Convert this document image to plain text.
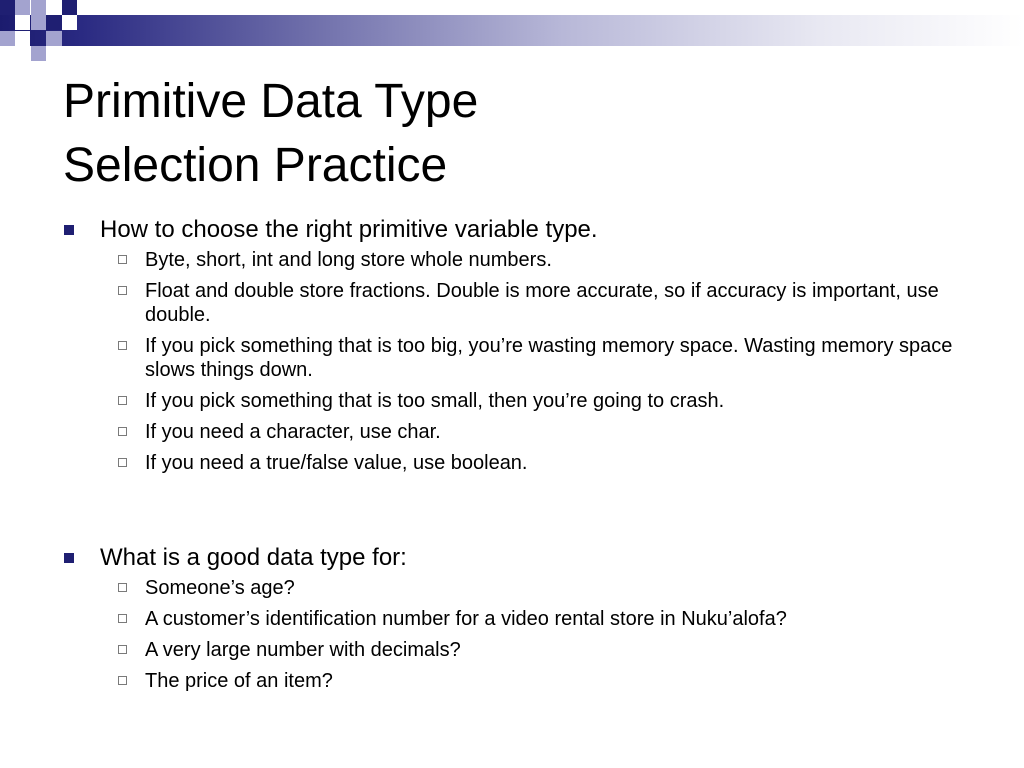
Primitive Data Type
Selection Practice
How to choose the right primitive variable type.
Byte, short, int and long store whole numbers.
Float and double store fractions. Double is more accurate, so if accuracy is important, use double.
If you pick something that is too big, you’re wasting memory space. Wasting memory space slows things down.
If you pick something that is too small, then you’re going to crash.
If you need a character, use char.
If you need a true/false value, use boolean.
What is a good data type for:
Someone’s age?
A customer’s identification number for a video rental store in Nuku’alofa?
A very large number with decimals?
The price of an item?
